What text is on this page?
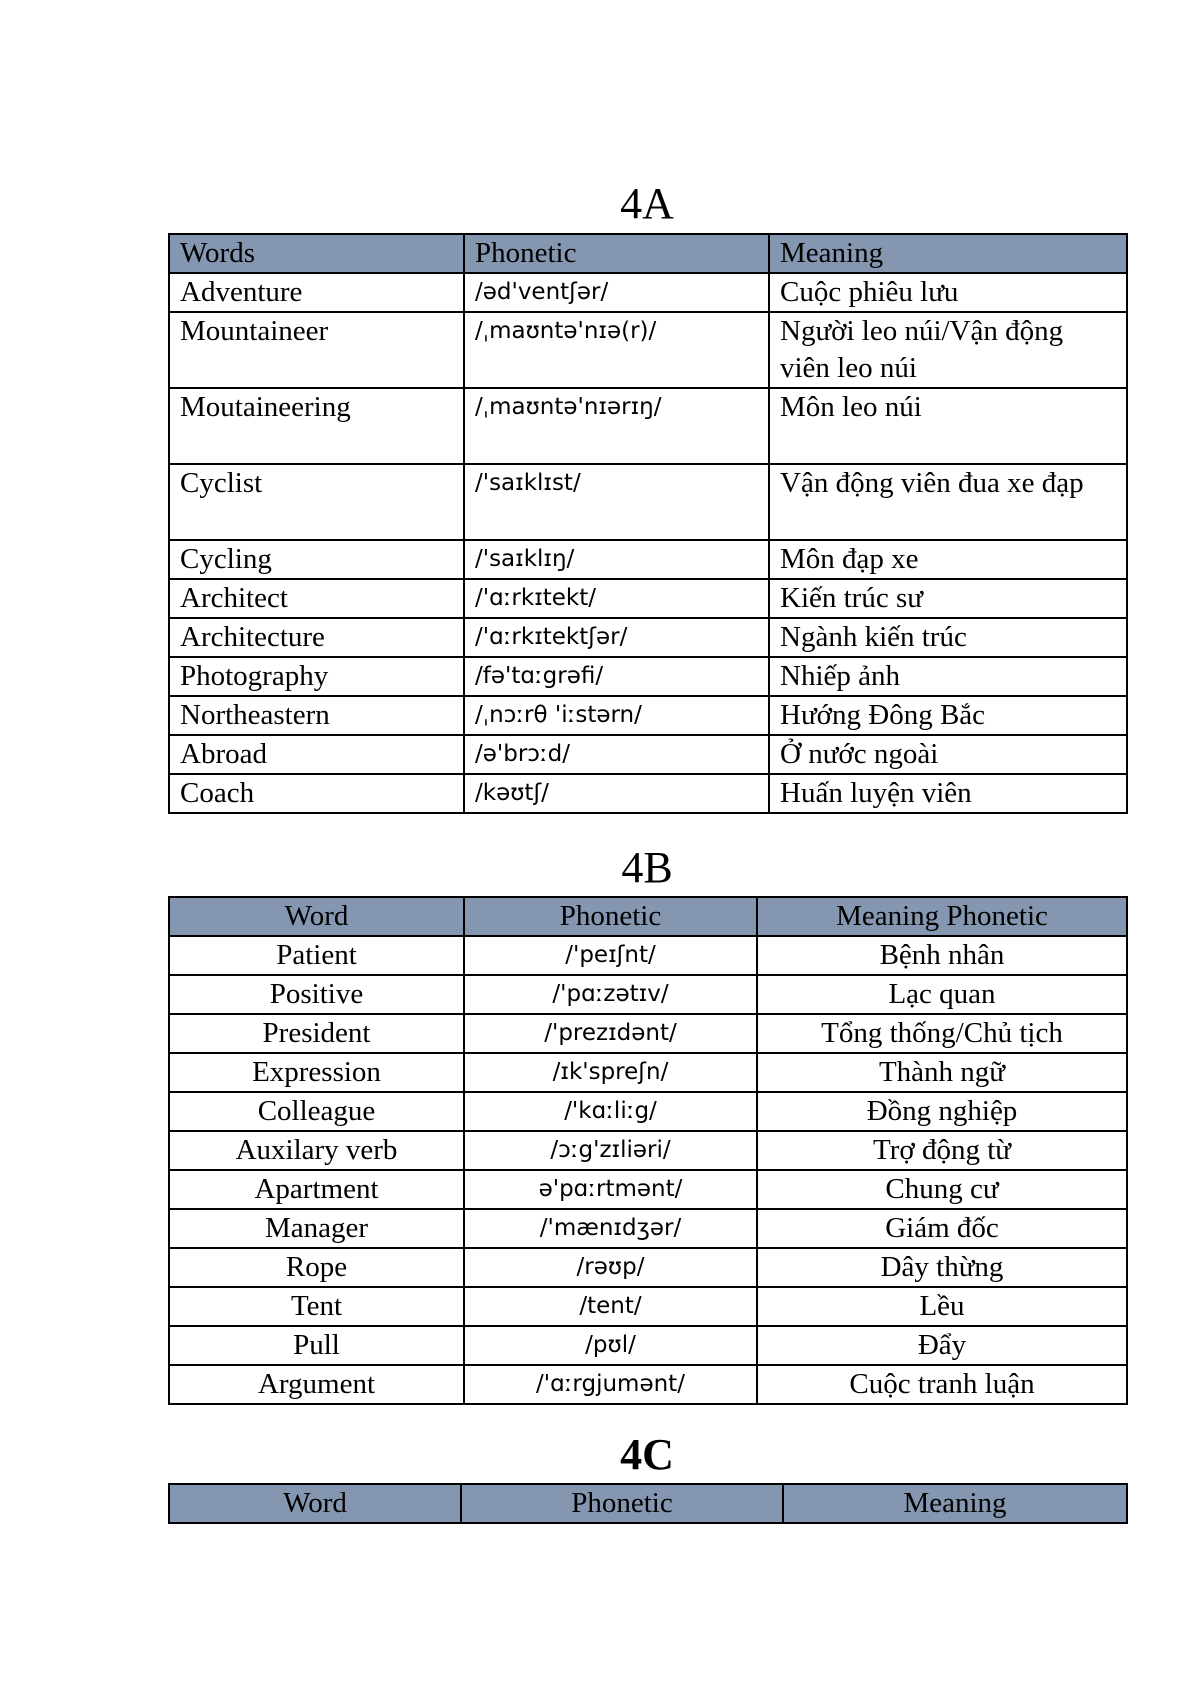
4A
Words	Phonetic	Meaning
Adventure	/əd'ventʃər/	Cuộc phiêu lưu
Mountaineer	/ˌmaʊntə'nɪə(r)/	Người leo núi/Vận động viên leo núi
Moutaineering	/ˌmaʊntə'nɪərɪŋ/	Môn leo núi
Cyclist	/'saɪklɪst/	Vận động viên đua xe đạp
Cycling	/'saɪklɪŋ/	Môn đạp xe
Architect	/'ɑːrkɪtekt/	Kiến trúc sư
Architecture	/'ɑːrkɪtektʃər/	Ngành kiến trúc
Photography	/fə'tɑːgrəfi/	Nhiếp ảnh
Northeastern	/ˌnɔːrθ 'iːstərn/	Hướng Đông Bắc
Abroad	/ə'brɔːd/	Ở nước ngoài
Coach	/kəʊtʃ/	Huấn luyện viên
4B
Word	Phonetic	Meaning Phonetic
Patient	/'peɪʃnt/	Bệnh nhân
Positive	/'pɑːzətɪv/	Lạc quan
President	/'prezɪdənt/	Tổng thống/Chủ tịch
Expression	/ɪk'spreʃn/	Thành ngữ
Colleague	/'kɑːliːg/	Đồng nghiệp
Auxilary verb	/ɔːg'zɪliəri/	Trợ động từ
Apartment	ə'pɑːrtmənt/	Chung cư
Manager	/'mænɪdʒər/	Giám đốc
Rope	/rəʊp/	Dây thừng
Tent	/tent/	Lều
Pull	/pʊl/	Đẩy
Argument	/'ɑːrgjumənt/	Cuộc tranh luận
4C
Word	Phonetic	Meaning
